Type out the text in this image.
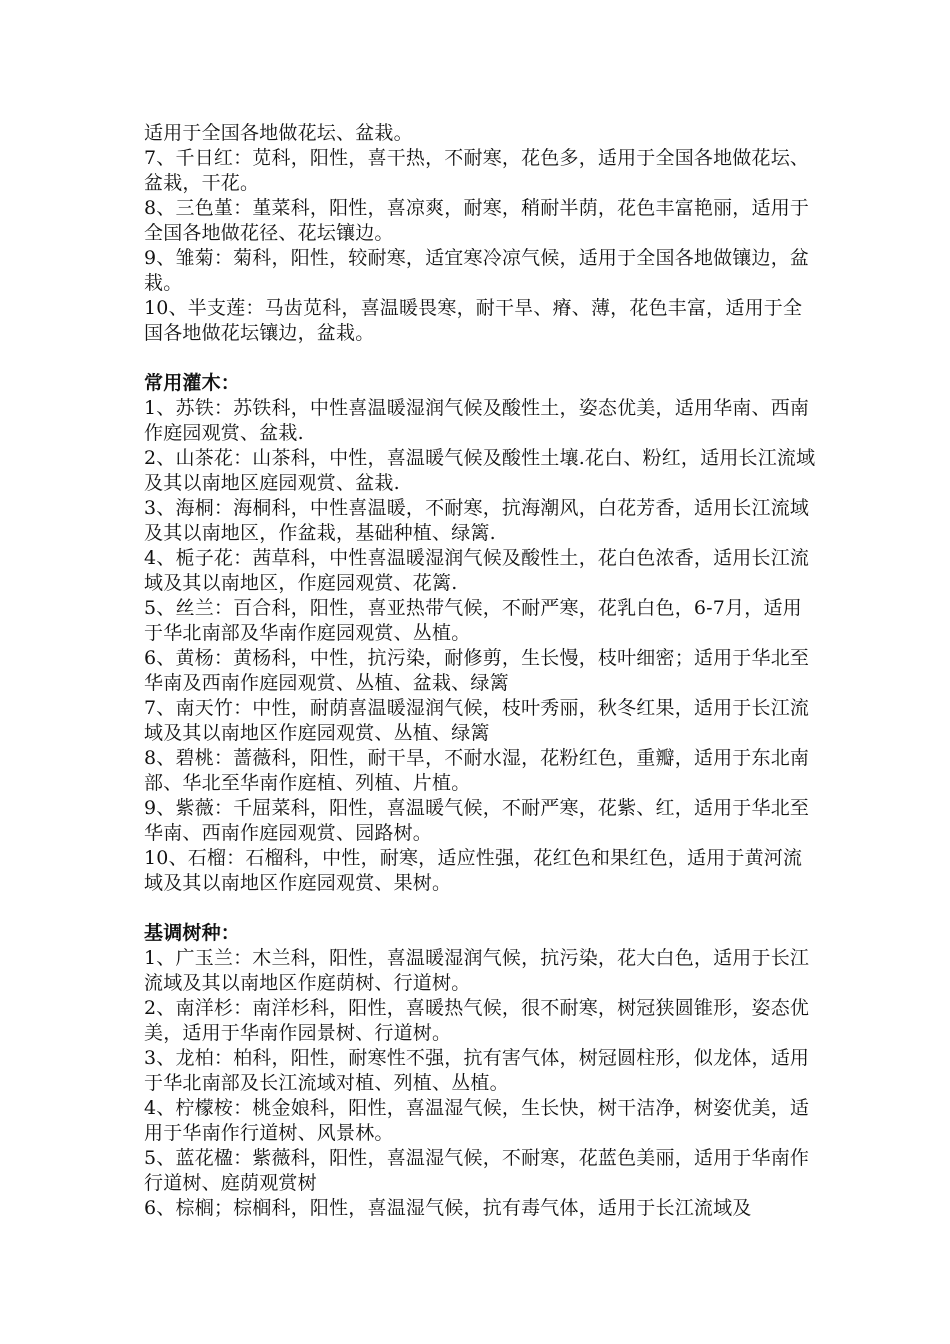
适用于全国各地做花坛、盆栽。

7、千日红：苋科，阳性，喜干热，不耐寒，花色多，适用于全国各地做花坛、盆栽，干花。

8、三色堇：堇菜科，阳性，喜凉爽，耐寒，稍耐半荫，花色丰富艳丽，适用于全国各地做花径、花坛镶边。

9、雏菊：菊科，阳性，较耐寒，适宜寒冷凉气候，适用于全国各地做镶边，盆栽。

10、半支莲：马齿苋科，喜温暖畏寒，耐干旱、瘠、薄，花色丰富，适用于全国各地做花坛镶边，盆栽。

常用灌木：

1、苏铁：苏铁科，中性喜温暖湿润气候及酸性土，姿态优美，适用华南、西南作庭园观赏、盆栽.

2、山茶花：山茶科，中性，喜温暖气候及酸性土壤.花白、粉红，适用长江流域及其以南地区庭园观赏、盆栽.

3、海桐：海桐科，中性喜温暖，不耐寒，抗海潮风，白花芳香，适用长江流域及其以南地区，作盆栽，基础种植、绿篱.

4、栀子花：茜草科，中性喜温暖湿润气候及酸性土，花白色浓香，适用长江流域及其以南地区，作庭园观赏、花篱.

5、丝兰：百合科，阳性，喜亚热带气候，不耐严寒，花乳白色，6-7月，适用于华北南部及华南作庭园观赏、丛植。

6、黄杨：黄杨科，中性，抗污染，耐修剪，生长慢，枝叶细密；适用于华北至华南及西南作庭园观赏、丛植、盆栽、绿篱

7、南天竹：中性，耐荫喜温暖湿润气候，枝叶秀丽，秋冬红果，适用于长江流域及其以南地区作庭园观赏、丛植、绿篱

8、碧桃：蔷薇科，阳性，耐干旱，不耐水湿，花粉红色，重瓣，适用于东北南部、华北至华南作庭植、列植、片植。

9、紫薇：千屈菜科，阳性，喜温暖气候，不耐严寒，花紫、红，适用于华北至华南、西南作庭园观赏、园路树。

10、石榴：石榴科，中性，耐寒，适应性强，花红色和果红色，适用于黄河流域及其以南地区作庭园观赏、果树。

基调树种：

1、广玉兰：木兰科，阳性，喜温暖湿润气候，抗污染，花大白色，适用于长江流域及其以南地区作庭荫树、行道树。

2、南洋杉：南洋杉科，阳性，喜暖热气候，很不耐寒，树冠狭圆锥形，姿态优美，适用于华南作园景树、行道树。

3、龙柏：柏科，阳性，耐寒性不强，抗有害气体，树冠圆柱形，似龙体，适用于华北南部及长江流域对植、列植、丛植。

4、柠檬桉：桃金娘科，阳性，喜温湿气候，生长快，树干洁净，树姿优美，适用于华南作行道树、风景林。

5、蓝花楹：紫薇科，阳性，喜温湿气候，不耐寒，花蓝色美丽，适用于华南作行道树、庭荫观赏树

6、棕榈；棕榈科，阳性，喜温湿气候，抗有毒气体，适用于长江流域及
